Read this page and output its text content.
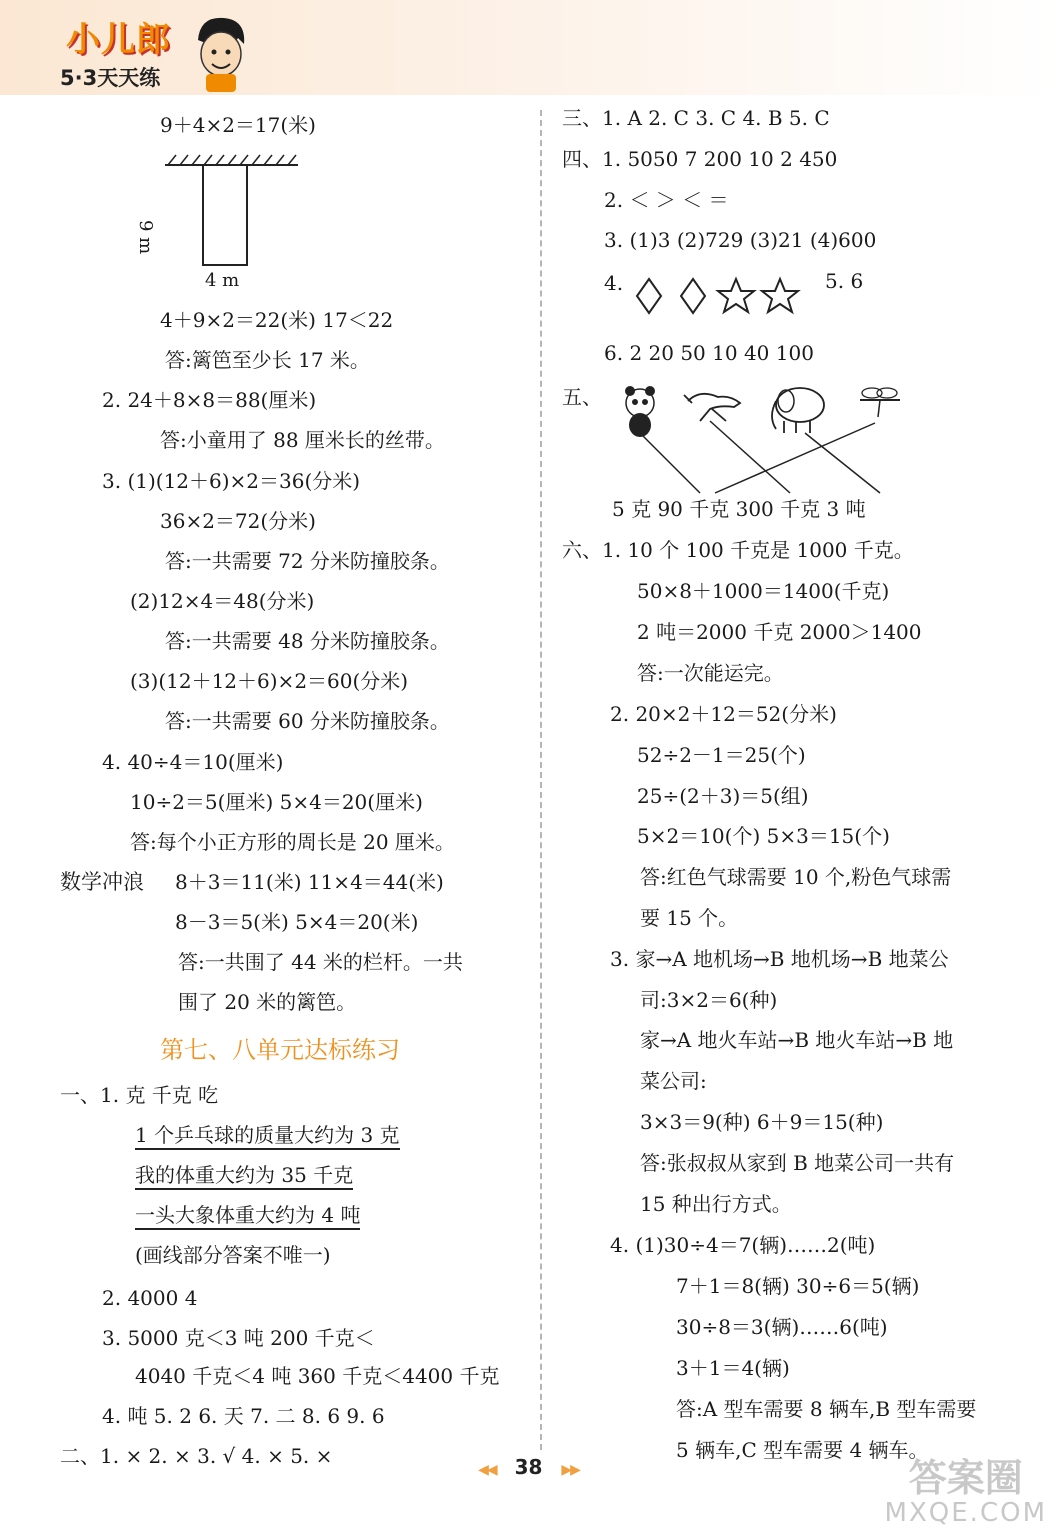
小儿郎
5·3天天练
9＋4×2＝17(米)
4 m
9 m
4＋9×2＝22(米) 17＜22
答:篱笆至少长 17 米。
2. 24＋8×8＝88(厘米)
答:小童用了 88 厘米长的丝带。
3. (1)(12＋6)×2＝36(分米)
36×2＝72(分米)
答:一共需要 72 分米防撞胶条。
(2)12×4＝48(分米)
答:一共需要 48 分米防撞胶条。
(3)(12＋12＋6)×2＝60(分米)
答:一共需要 60 分米防撞胶条。
4. 40÷4＝10(厘米)
10÷2＝5(厘米) 5×4＝20(厘米)
答:每个小正方形的周长是 20 厘米。
数学冲浪 8＋3＝11(米) 11×4＝44(米)
8－3＝5(米) 5×4＝20(米)
答:一共围了 44 米的栏杆。一共
围了 20 米的篱笆。
第七、八单元达标练习
一、1. 克 千克 吃
1 个乒乓球的质量大约为 3 克
我的体重大约为 35 千克
一头大象体重大约为 4 吨
(画线部分答案不唯一)
2. 4000 4
3. 5000 克＜3 吨 200 千克＜
4040 千克＜4 吨 360 千克＜4400 千克
4. 吨 5. 2 6. 天 7. 二 8. 6 9. 6
二、1. × 2. × 3. √ 4. × 5. ×
三、1. A 2. C 3. C 4. B 5. C
四、1. 5050 7 200 10 2 450
2. ＜ ＞ ＜ ＝
3. (1)3 (2)729 (3)21 (4)600
4.	5. 6
6. 2 20 50 10 40 100
五、
5 克 90 千克 300 千克 3 吨
六、1. 10 个 100 千克是 1000 千克。
50×8＋1000＝1400(千克)
2 吨＝2000 千克 2000＞1400
答:一次能运完。
2. 20×2＋12＝52(分米)
52÷2－1＝25(个)
25÷(2＋3)＝5(组)
5×2＝10(个) 5×3＝15(个)
答:红色气球需要 10 个,粉色气球需
要 15 个。
3. 家→A 地机场→B 地机场→B 地菜公
司:3×2＝6(种)
家→A 地火车站→B 地火车站→B 地
菜公司:
3×3＝9(种) 6＋9＝15(种)
答:张叔叔从家到 B 地菜公司一共有
15 种出行方式。
4. (1)30÷4＝7(辆)……2(吨)
7＋1＝8(辆) 30÷6＝5(辆)
30÷8＝3(辆)……6(吨)
3＋1＝4(辆)
答:A 型车需要 8 辆车,B 型车需要
5 辆车,C 型车需要 4 辆车。
◀◀ 38 ▶▶	答案圈
MXQE.COM
